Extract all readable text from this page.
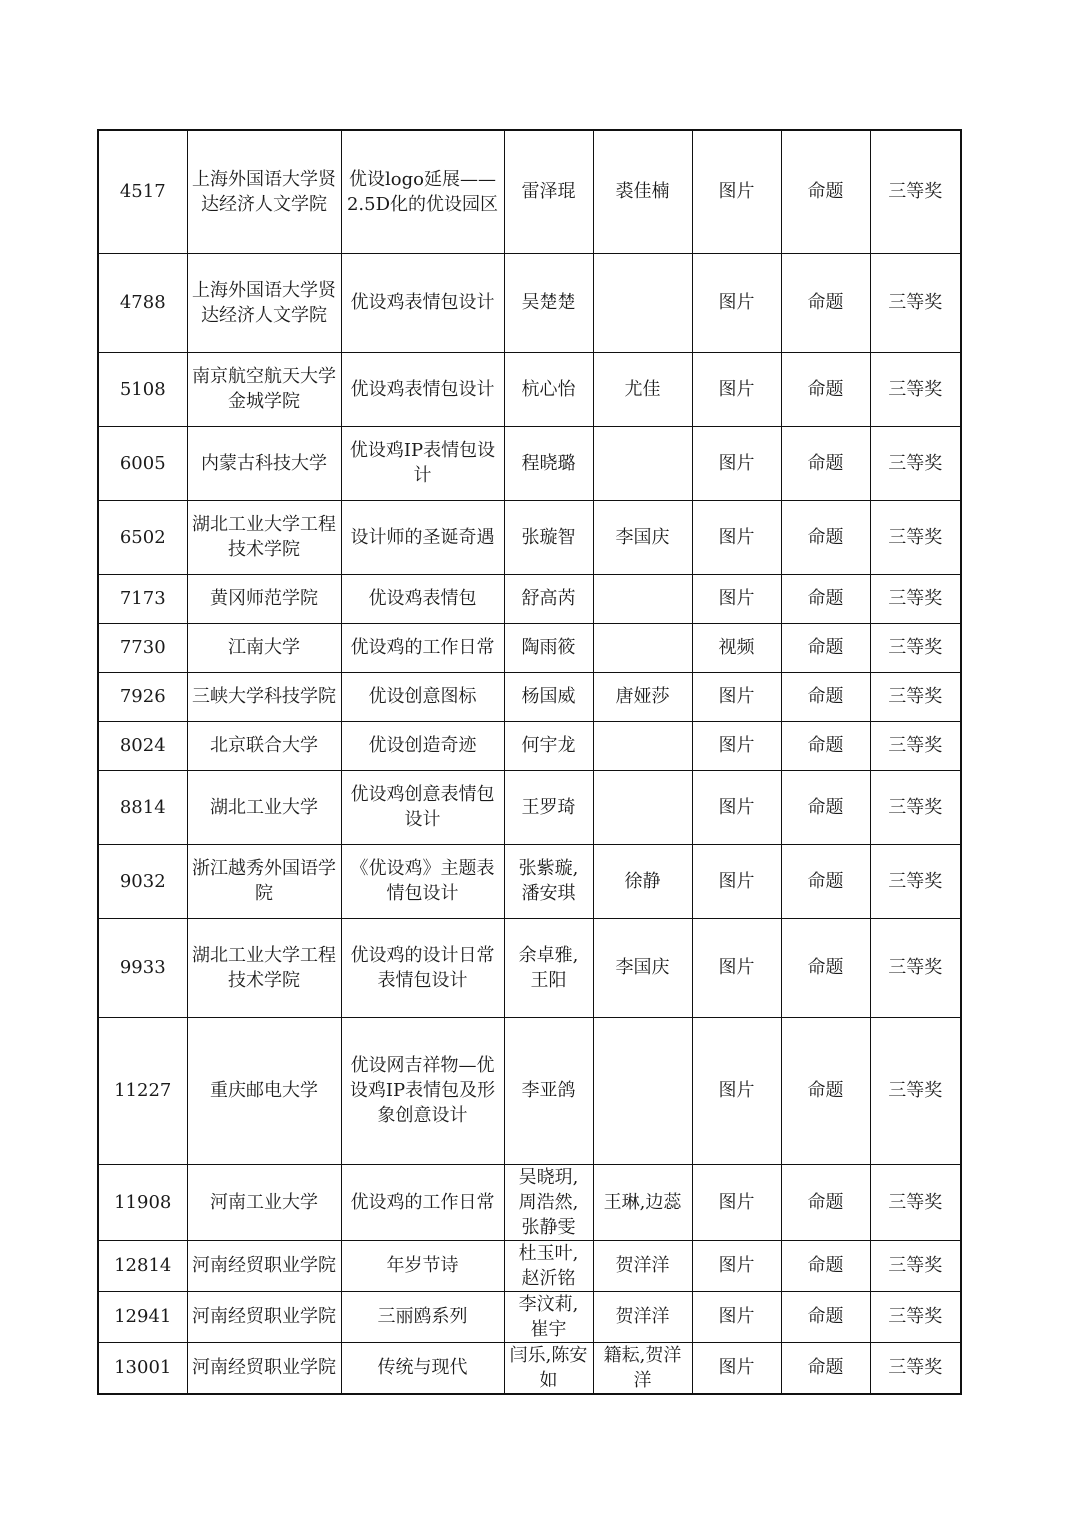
4517	上海外国语大学贤达经济人文学院	优设logo延展——2.5D化的优设园区	雷泽琨	裘佳楠	图片	命题	三等奖
4788	上海外国语大学贤达经济人文学院	优设鸡表情包设计	吴楚楚		图片	命题	三等奖
5108	南京航空航天大学金城学院	优设鸡表情包设计	杭心怡	尤佳	图片	命题	三等奖
6005	内蒙古科技大学	优设鸡IP表情包设计	程晓璐		图片	命题	三等奖
6502	湖北工业大学工程技术学院	设计师的圣诞奇遇	张璇智	李国庆	图片	命题	三等奖
7173	黄冈师范学院	优设鸡表情包	舒高芮		图片	命题	三等奖
7730	江南大学	优设鸡的工作日常	陶雨筱		视频	命题	三等奖
7926	三峡大学科技学院	优设创意图标	杨国威	唐娅莎	图片	命题	三等奖
8024	北京联合大学	优设创造奇迹	何宇龙		图片	命题	三等奖
8814	湖北工业大学	优设鸡创意表情包设计	王罗琦		图片	命题	三等奖
9032	浙江越秀外国语学院	《优设鸡》主题表情包设计	张紫璇,
潘安琪	徐静	图片	命题	三等奖
9933	湖北工业大学工程技术学院	优设鸡的设计日常表情包设计	余卓雅,
王阳	李国庆	图片	命题	三等奖
11227	重庆邮电大学	优设网吉祥物—优设鸡IP表情包及形象创意设计	李亚鸽		图片	命题	三等奖
11908	河南工业大学	优设鸡的工作日常	吴晓玥,
周浩然,
张静雯	王琳,边蕊	图片	命题	三等奖
12814	河南经贸职业学院	年岁节诗	杜玉叶,
赵沂铭	贺洋洋	图片	命题	三等奖
12941	河南经贸职业学院	三丽鸥系列	李汶莉,
崔宇	贺洋洋	图片	命题	三等奖
13001	河南经贸职业学院	传统与现代	闫乐,陈安如	籍耘,贺洋洋	图片	命题	三等奖
